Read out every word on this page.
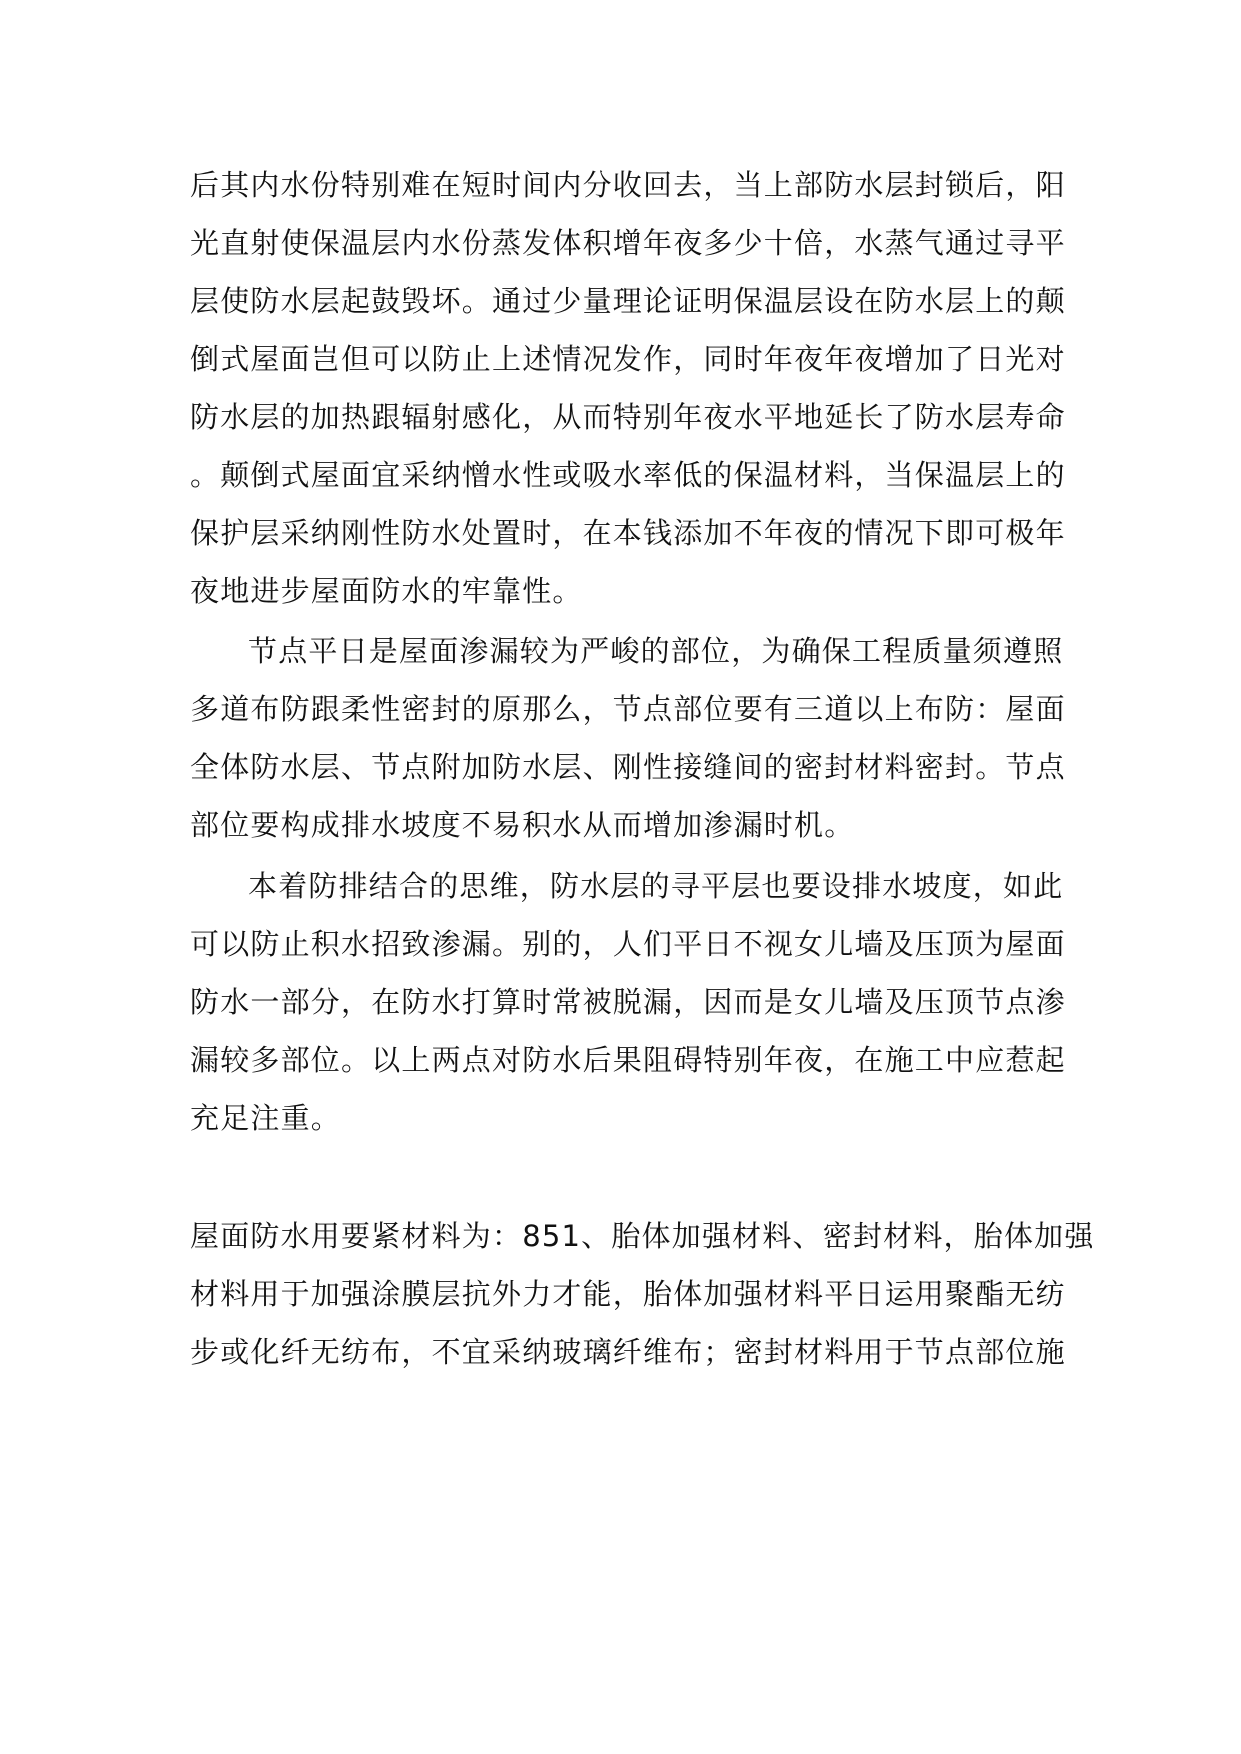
后其内水份特别难在短时间内分收回去，当上部防水层封锁后，阳
光直射使保温层内水份蒸发体积增年夜多少十倍，水蒸气通过寻平
层使防水层起鼓毁坏。通过少量理论证明保温层设在防水层上的颠
倒式屋面岂但可以防止上述情况发作，同时年夜年夜增加了日光对
防水层的加热跟辐射感化，从而特别年夜水平地延长了防水层寿命
。颠倒式屋面宜采纳憎水性或吸水率低的保温材料，当保温层上的
保护层采纳刚性防水处置时，在本钱添加不年夜的情况下即可极年
夜地进步屋面防水的牢靠性。
节点平日是屋面渗漏较为严峻的部位，为确保工程质量须遵照
多道布防跟柔性密封的原那么，节点部位要有三道以上布防：屋面
全体防水层、节点附加防水层、刚性接缝间的密封材料密封。节点
部位要构成排水坡度不易积水从而增加渗漏时机。
本着防排结合的思维，防水层的寻平层也要设排水坡度，如此
可以防止积水招致渗漏。别的，人们平日不视女儿墙及压顶为屋面
防水一部分，在防水打算时常被脱漏，因而是女儿墙及压顶节点渗
漏较多部位。以上两点对防水后果阻碍特别年夜，在施工中应惹起
充足注重。
屋面防水用要紧材料为：851、胎体加强材料、密封材料，胎体加强
材料用于加强涂膜层抗外力才能，胎体加强材料平日运用聚酯无纺
步或化纤无纺布，不宜采纳玻璃纤维布；密封材料用于节点部位施
